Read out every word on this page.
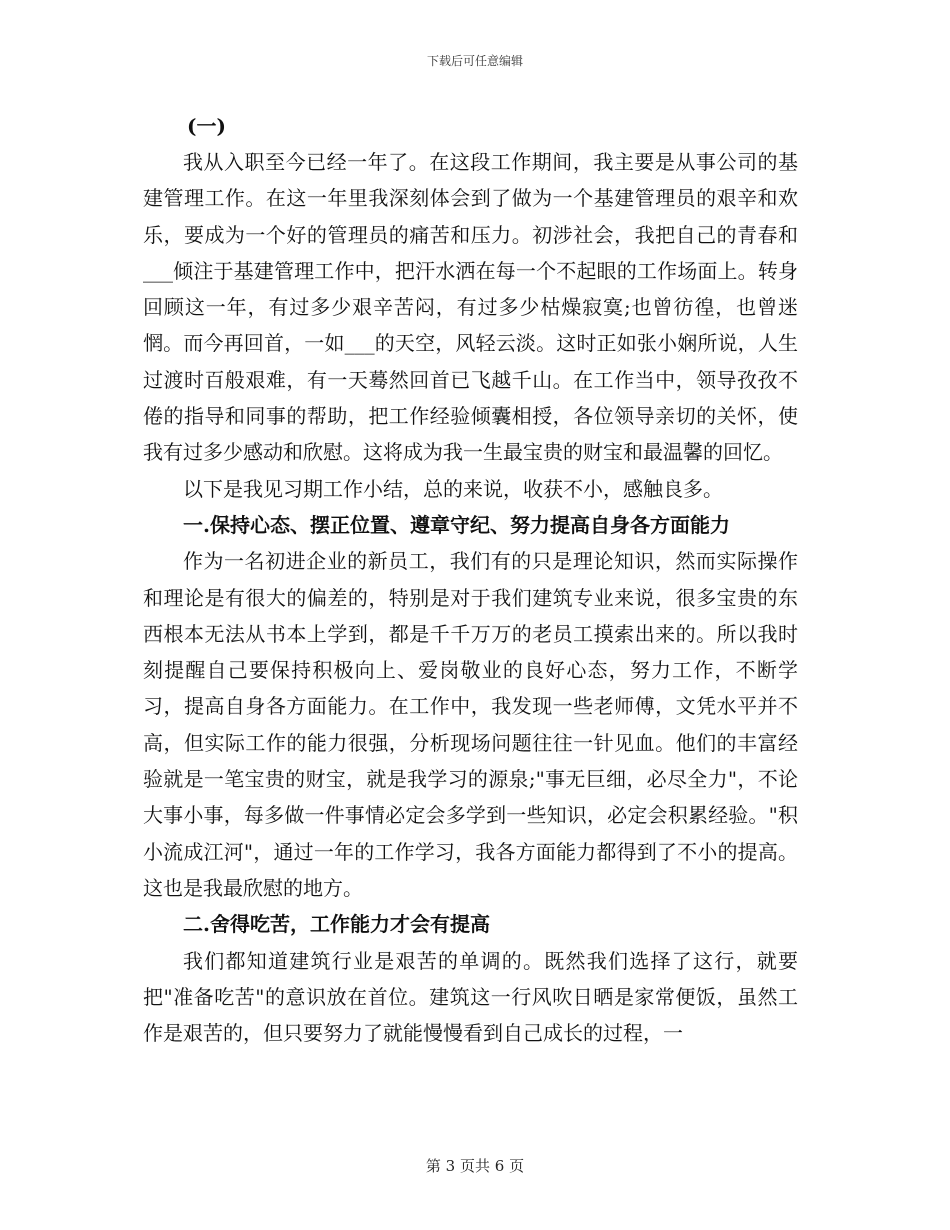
下载后可任意编辑
(一)

我从入职至今已经一年了。在这段工作期间，我主要是从事公司的基建管理工作。在这一年里我深刻体会到了做为一个基建管理员的艰辛和欢乐，要成为一个好的管理员的痛苦和压力。初涉社会，我把自己的青春和___倾注于基建管理工作中，把汗水洒在每一个不起眼的工作场面上。转身回顾这一年，有过多少艰辛苦闷，有过多少枯燥寂寞;也曾彷徨，也曾迷惘。而今再回首，一如___的天空，风轻云淡。这时正如张小娴所说，人生过渡时百般艰难，有一天蓦然回首已飞越千山。在工作当中，领导孜孜不倦的指导和同事的帮助，把工作经验倾囊相授，各位领导亲切的关怀，使我有过多少感动和欣慰。这将成为我一生最宝贵的财宝和最温馨的回忆。

以下是我见习期工作小结，总的来说，收获不小，感触良多。

一.保持心态、摆正位置、遵章守纪、努力提高自身各方面能力

作为一名初进企业的新员工，我们有的只是理论知识，然而实际操作和理论是有很大的偏差的，特别是对于我们建筑专业来说，很多宝贵的东西根本无法从书本上学到，都是千千万万的老员工摸索出来的。所以我时刻提醒自己要保持积极向上、爱岗敬业的良好心态，努力工作，不断学习，提高自身各方面能力。在工作中，我发现一些老师傅，文凭水平并不高，但实际工作的能力很强，分析现场问题往往一针见血。他们的丰富经验就是一笔宝贵的财宝，就是我学习的源泉;"事无巨细，必尽全力"，不论大事小事，每多做一件事情必定会多学到一些知识，必定会积累经验。"积小流成江河"，通过一年的工作学习，我各方面能力都得到了不小的提高。这也是我最欣慰的地方。

二.舍得吃苦，工作能力才会有提高

我们都知道建筑行业是艰苦的单调的。既然我们选择了这行，就要把"准备吃苦"的意识放在首位。建筑这一行风吹日晒是家常便饭，虽然工作是艰苦的，但只要努力了就能慢慢看到自己成长的过程，一

第 3 页共 6 页
